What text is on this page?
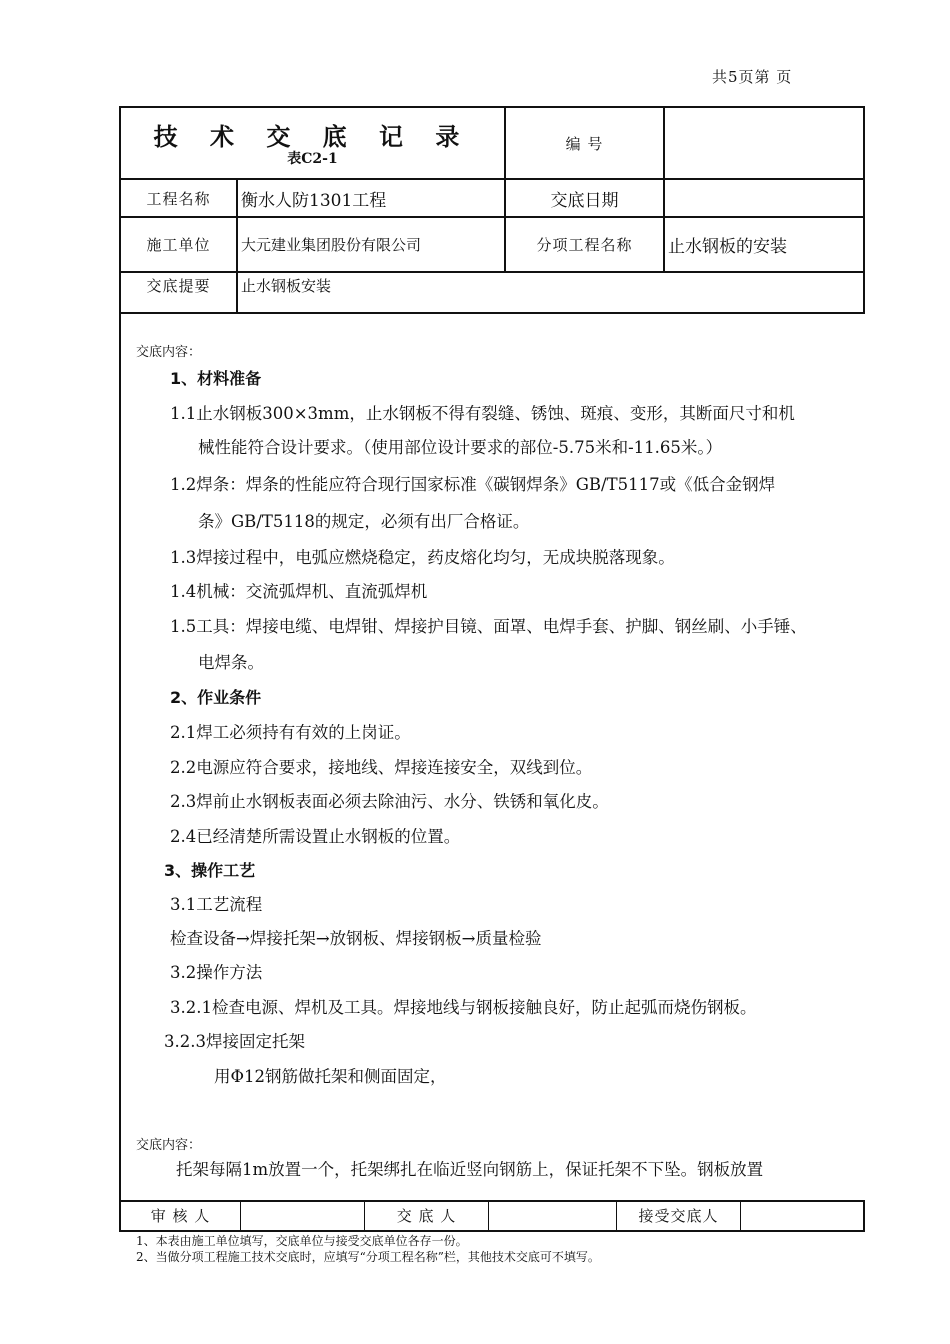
共5页第 页
技 术 交 底 记 录
表C2-1
编 号
工程名称 衡水人防1301工程	交底日期
施工单位 大元建业集团股份有限公司	分项工程名称 止水钢板的安装
交底提要 止水钢板安装
交底内容：
1、材料准备
1.1止水钢板300×3mm，止水钢板不得有裂缝、锈蚀、斑痕、变形，其断面尺寸和机
械性能符合设计要求。（使用部位设计要求的部位-5.75米和-11.65米。）
1.2焊条：焊条的性能应符合现行国家标准《碳钢焊条》GB/T5117或《低合金钢焊
条》GB/T5118的规定，必须有出厂合格证。
1.3焊接过程中，电弧应燃烧稳定，药皮熔化均匀，无成块脱落现象。
1.4机械：交流弧焊机、直流弧焊机
1.5工具：焊接电缆、电焊钳、焊接护目镜、面罩、电焊手套、护脚、钢丝刷、小手锤、
电焊条。
2、作业条件
2.1焊工必须持有有效的上岗证。
2.2电源应符合要求，接地线、焊接连接安全，双线到位。
2.3焊前止水钢板表面必须去除油污、水分、铁锈和氧化皮。
2.4已经清楚所需设置止水钢板的位置。
3、操作工艺
3.1工艺流程
检查设备→焊接托架→放钢板、焊接钢板→质量检验
3.2操作方法
3.2.1检查电源、焊机及工具。焊接地线与钢板接触良好，防止起弧而烧伤钢板。
3.2.3焊接固定托架
用Φ12钢筋做托架和侧面固定，
交底内容：
托架每隔1m放置一个，托架绑扎在临近竖向钢筋上，保证托架不下坠。钢板放置
审 核 人	交 底 人	接受交底人
1、本表由施工单位填写，交底单位与接受交底单位各存一份。
2、当做分项工程施工技术交底时，应填写“分项工程名称”栏，其他技术交底可不填写。
